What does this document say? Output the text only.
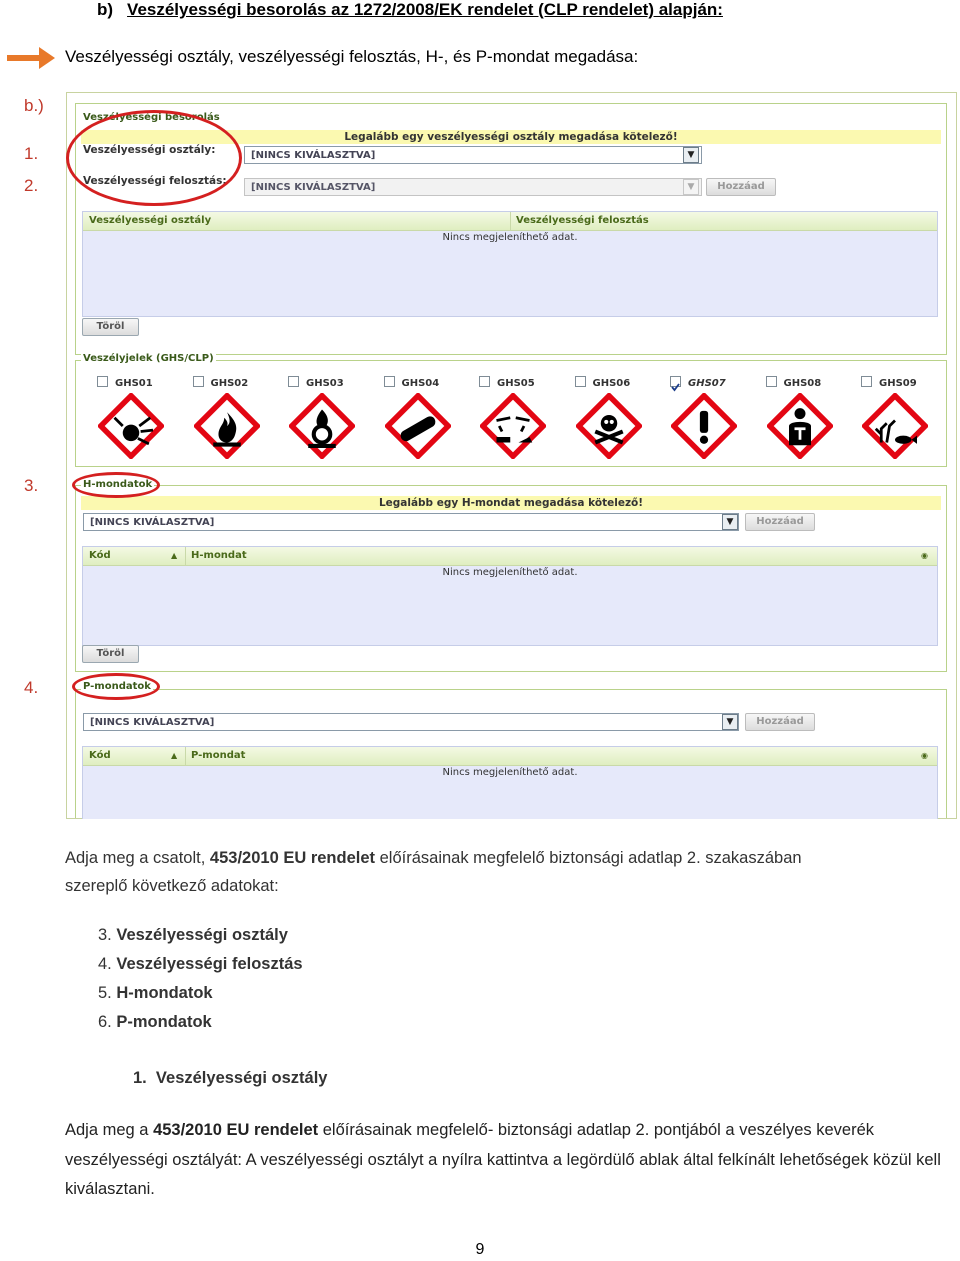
b) Veszélyességi besorolás az 1272/2008/EK rendelet (CLP rendelet) alapján:
Veszélyességi osztály, veszélyességi felosztás, H-, és P-mondat megadása:
b.)
1.
2.
3.
4.
Veszélyességi besorolás
Legalább egy veszélyességi osztály megadása kötelező!
Veszélyességi osztály:	[NINCS KIVÁLASZTVA]	▼
Veszélyességi felosztás:
[NINCS KIVÁLASZTVA]	▼	Hozzáad
Veszélyességi osztály	Veszélyességi felosztás
Nincs megjeleníthető adat.
Töröl
Veszélyjelek (GHS/CLP)
H-mondatok
Legalább egy H-mondat megadása kötelező!
[NINCS KIVÁLASZTVA]	▼	Hozzáad
Kód	▲ H-mondat	◉
Nincs megjeleníthető adat.
Töröl
P-mondatok
[NINCS KIVÁLASZTVA]	▼	Hozzáad
Kód	▲ P-mondat	◉
Nincs megjeleníthető adat.
GHS01	GHS02	GHS03	GHS04	GHS05	GHS06	GHS07	GHS08	GHS09
Adja meg a csatolt, 453/2010 EU rendelet előírásainak megfelelő biztonsági adatlap 2. szakaszában
szereplő következő adatokat:
3. Veszélyességi osztály
4. Veszélyességi felosztás
5. H-mondatok
6. P-mondatok
1.  Veszélyességi osztály
Adja meg a 453/2010 EU rendelet előírásainak megfelelő- biztonsági adatlap 2. pontjából a veszélyes keverék veszélyességi osztályát: A veszélyességi osztályt a nyílra kattintva a legördülő ablak által felkínált lehetőségek közül kell kiválasztani.
9
